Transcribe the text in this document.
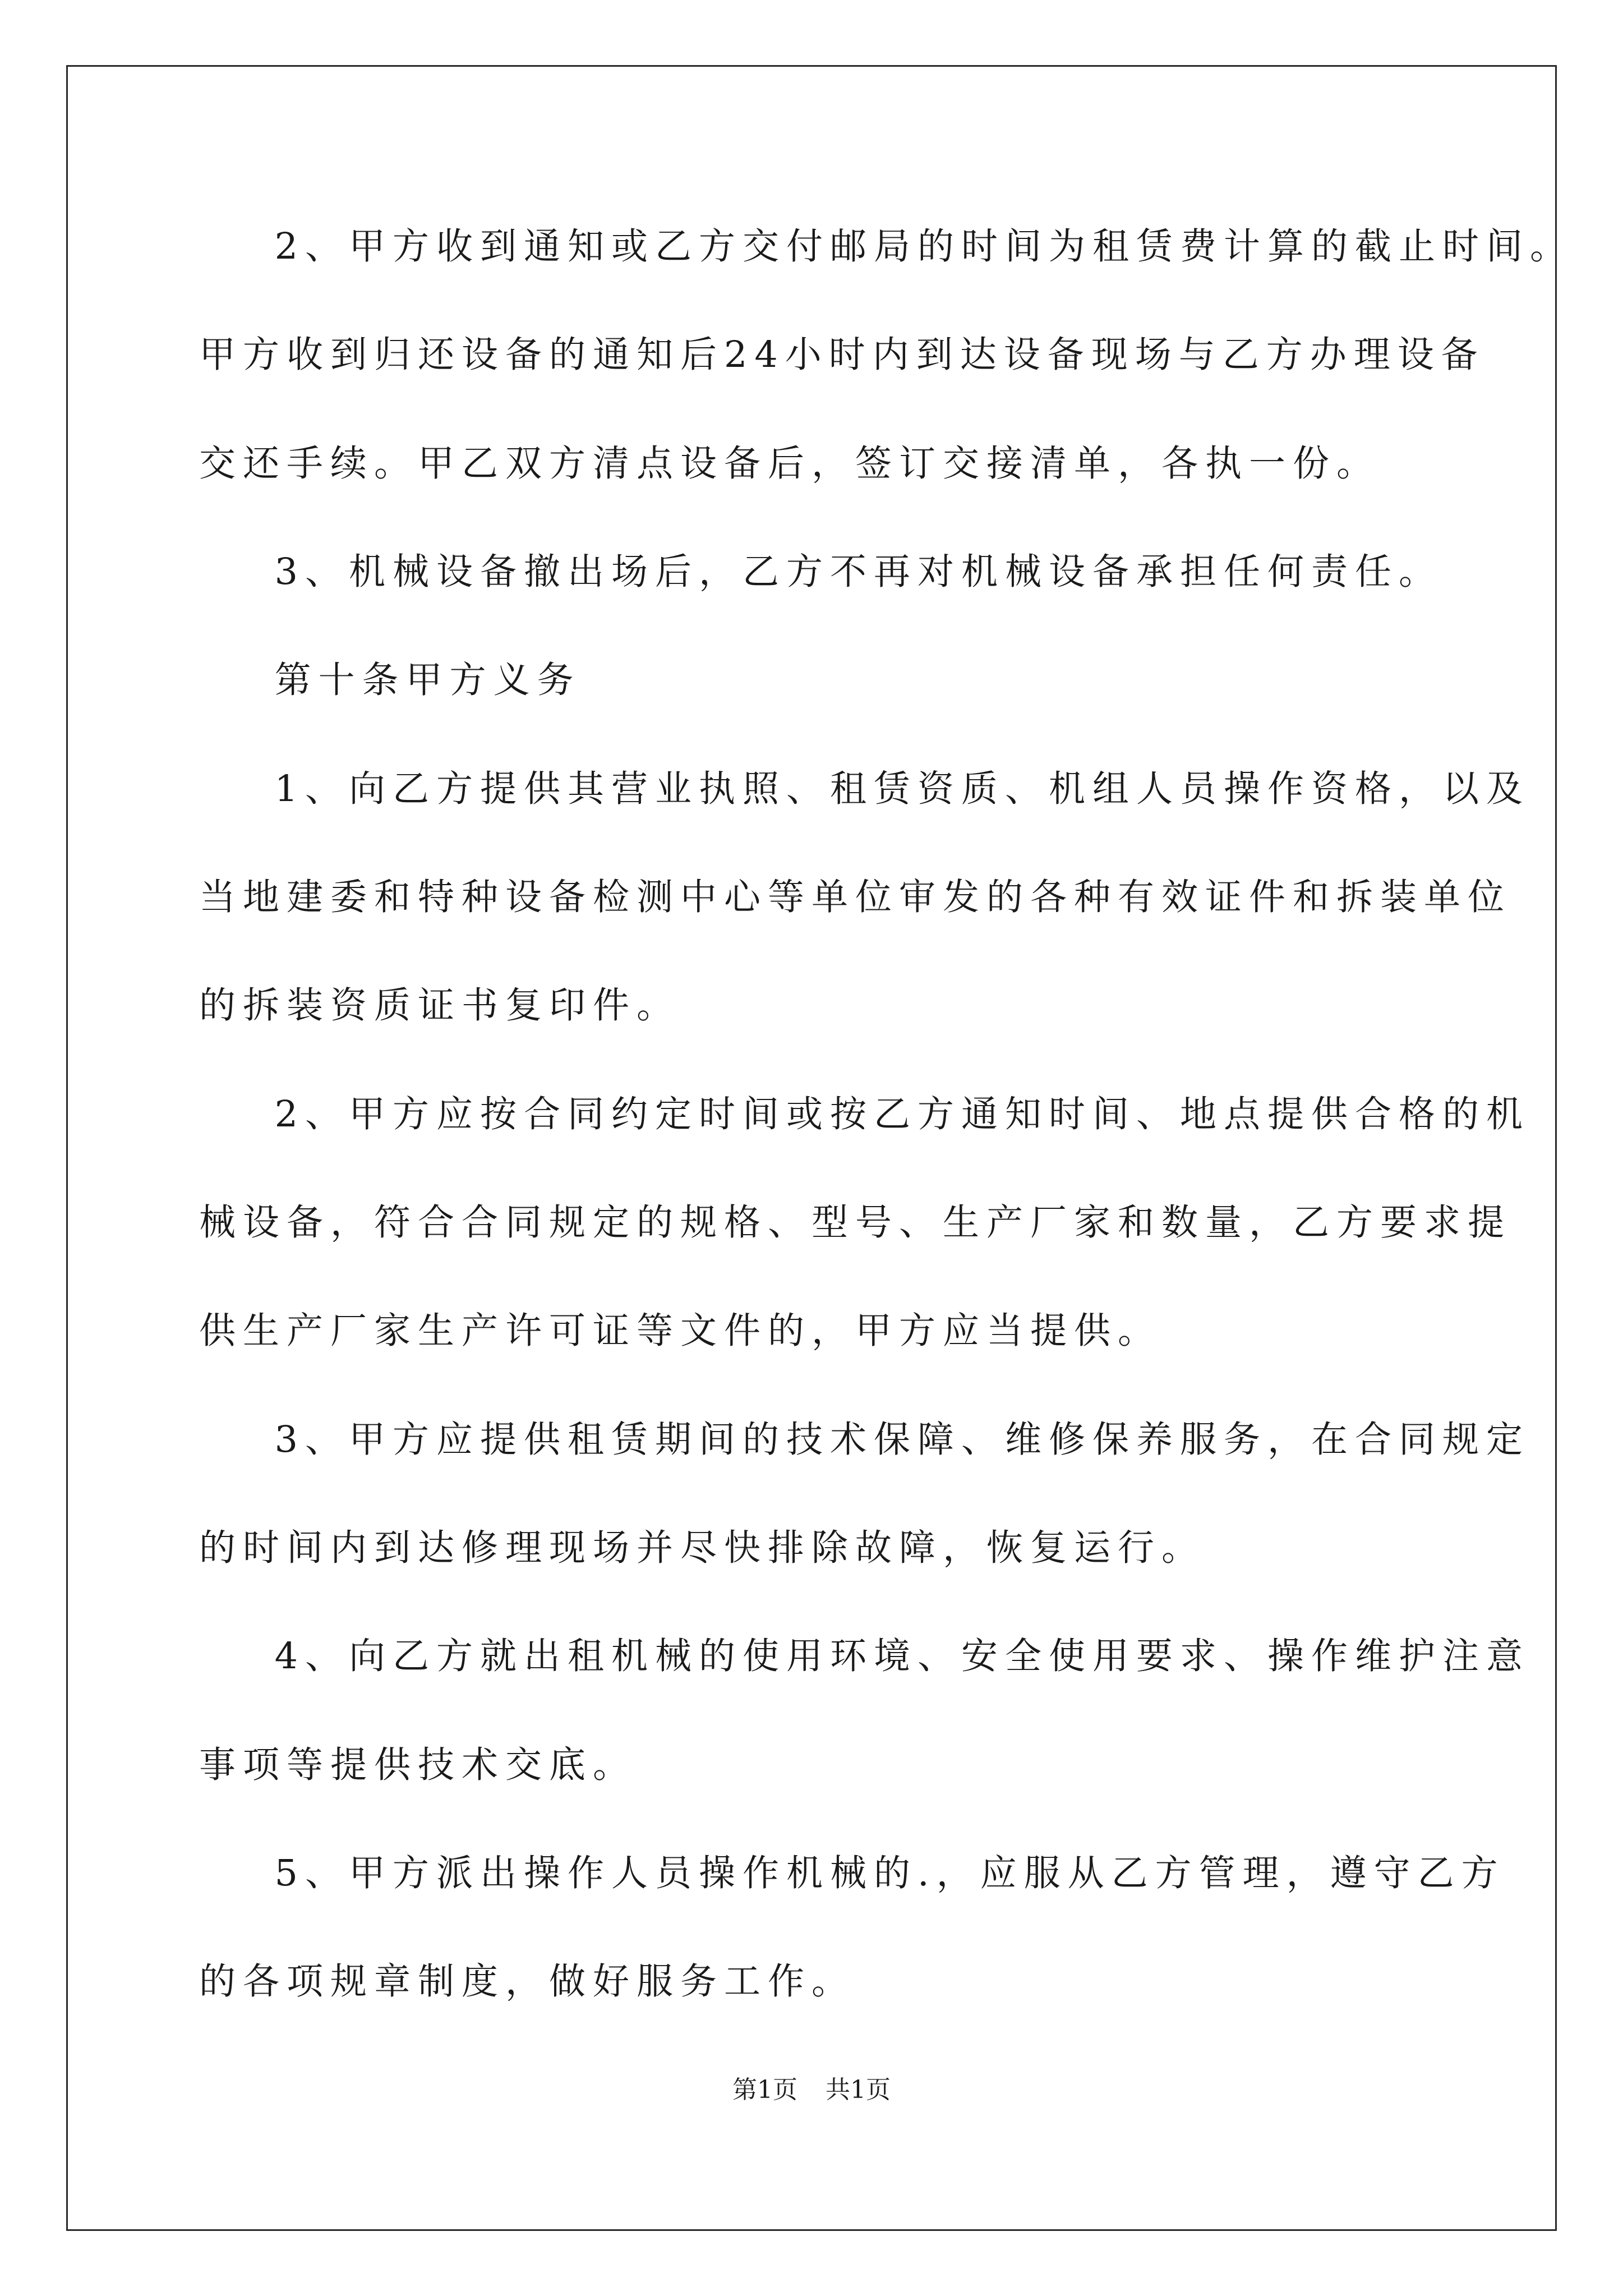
2、甲方收到通知或乙方交付邮局的时间为租赁费计算的截止时间。
甲方收到归还设备的通知后24小时内到达设备现场与乙方办理设备
交还手续。甲乙双方清点设备后，签订交接清单，各执一份。
3、机械设备撤出场后，乙方不再对机械设备承担任何责任。
第十条甲方义务
1、向乙方提供其营业执照、租赁资质、机组人员操作资格，以及
当地建委和特种设备检测中心等单位审发的各种有效证件和拆装单位
的拆装资质证书复印件。
2、甲方应按合同约定时间或按乙方通知时间、地点提供合格的机
械设备，符合合同规定的规格、型号、生产厂家和数量，乙方要求提
供生产厂家生产许可证等文件的，甲方应当提供。
3、甲方应提供租赁期间的技术保障、维修保养服务，在合同规定
的时间内到达修理现场并尽快排除故障，恢复运行。
4、向乙方就出租机械的使用环境、安全使用要求、操作维护注意
事项等提供技术交底。
5、甲方派出操作人员操作机械的.，应服从乙方管理，遵守乙方
的各项规章制度，做好服务工作。
第1页 共1页
